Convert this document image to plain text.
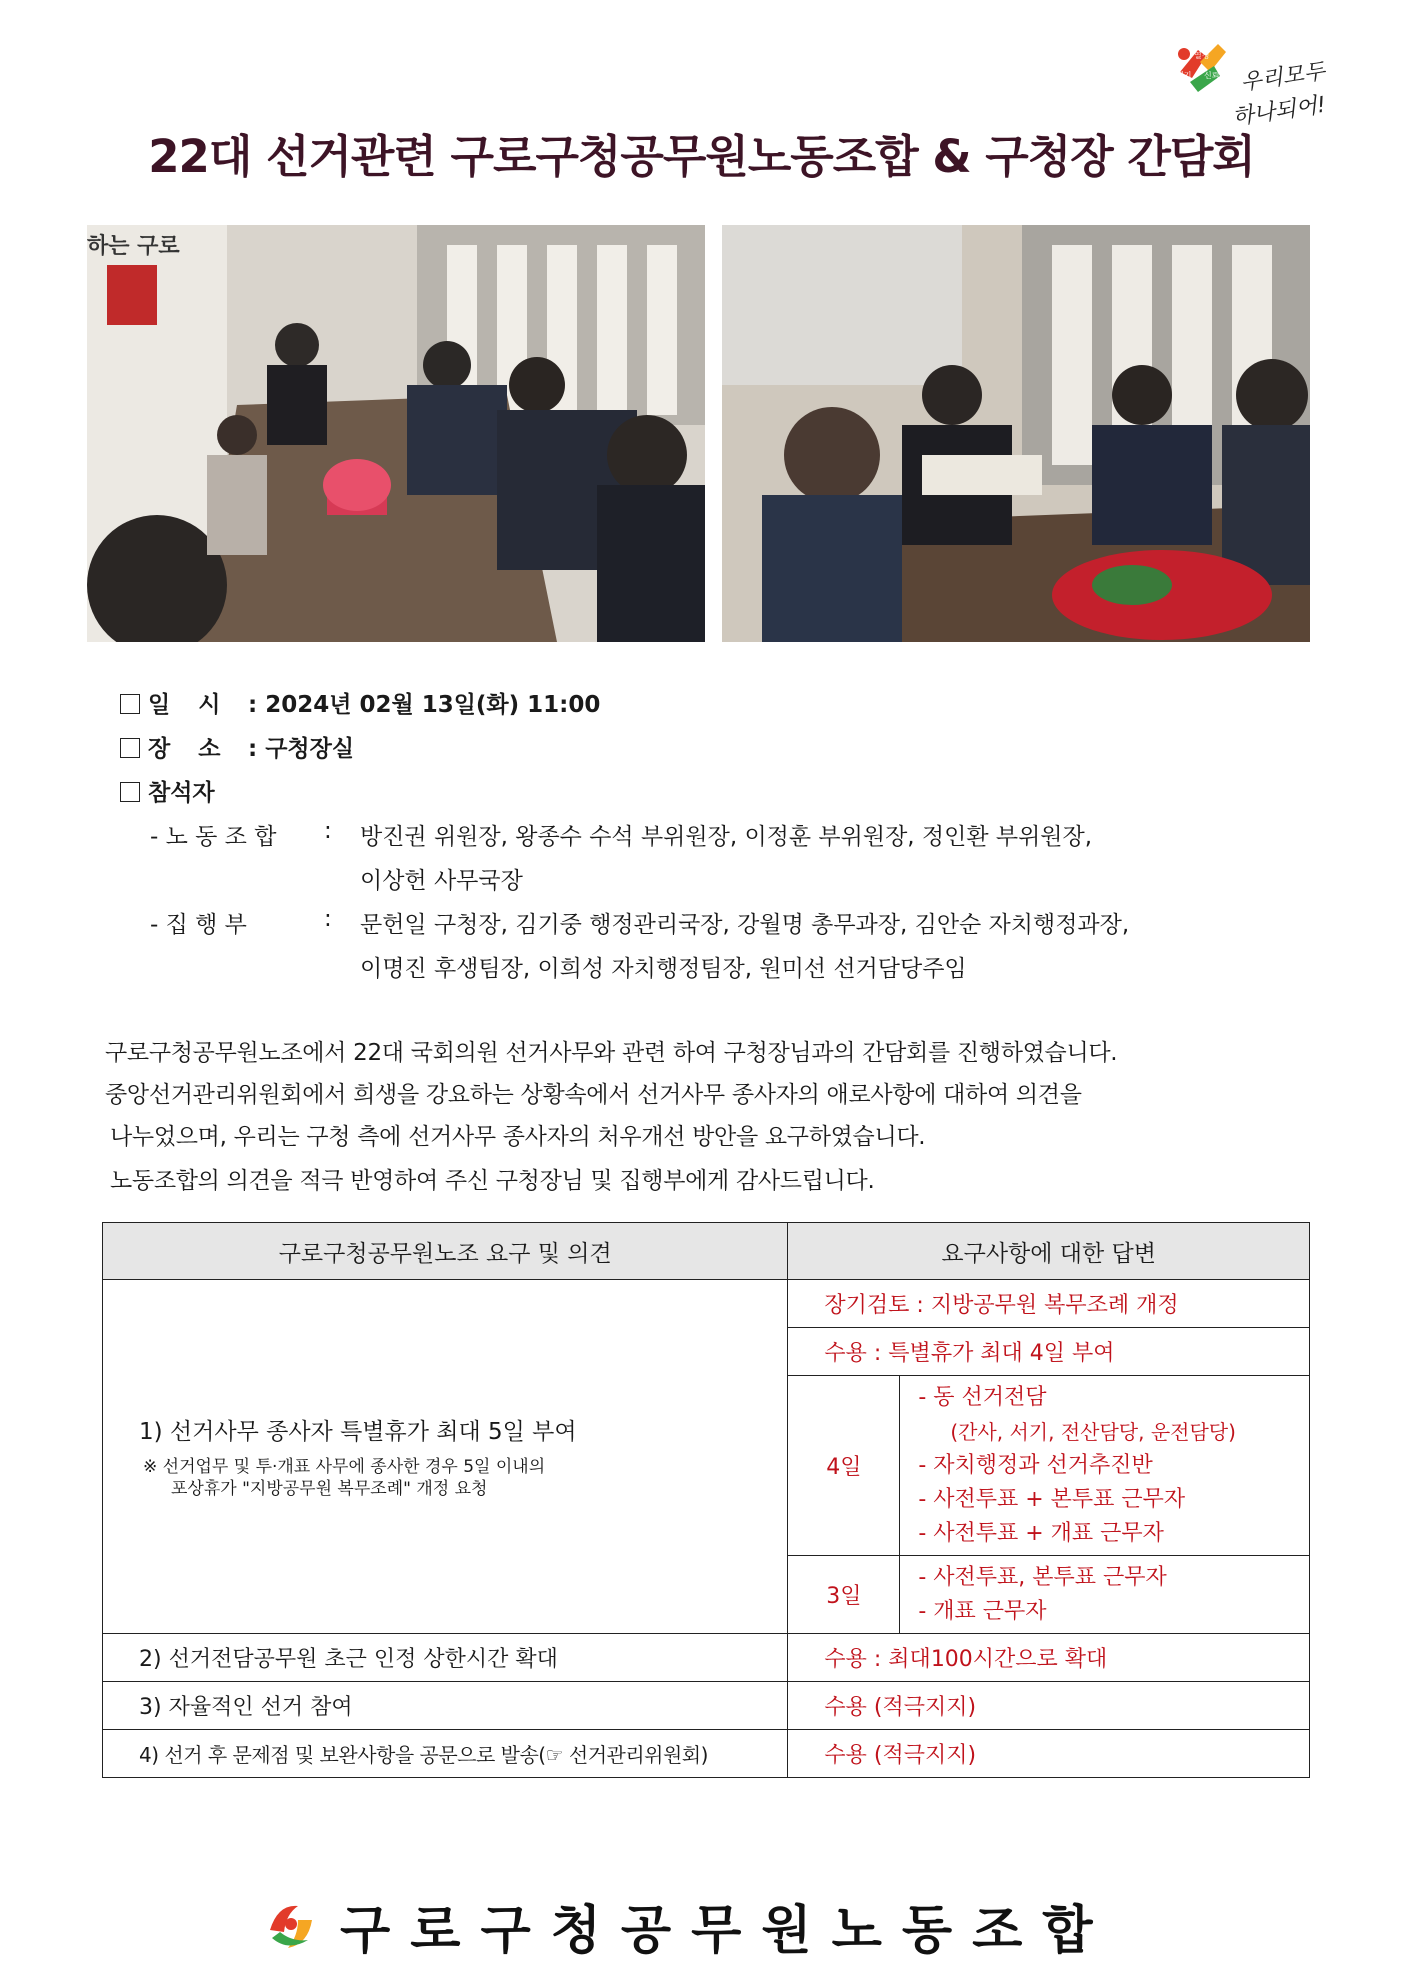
열정
패기 신뢰 우리모두
하나되어!
22대 선거관련 구로구청공무원노동조합 & 구청장 간담회
하는 구로
일 시 : 2024년 02월 13일(화) 11:00
장 소 : 구청장실
참석자
- 노 동 조 합 : 방진권 위원장, 왕종수 수석 부위원장, 이정훈 부위원장, 정인환 부위원장,
이상헌 사무국장
- 집 행 부	: 문헌일 구청장, 김기중 행정관리국장, 강월명 총무과장, 김안순 자치행정과장,
이명진 후생팀장, 이희성 자치행정팀장, 원미선 선거담당주임
구로구청공무원노조에서 22대 국회의원 선거사무와 관련 하여 구청장님과의 간담회를 진행하였습니다.
중앙선거관리위원회에서 희생을 강요하는 상황속에서 선거사무 종사자의 애로사항에 대하여 의견을
나누었으며, 우리는 구청 측에 선거사무 종사자의 처우개선 방안을 요구하였습니다.
노동조합의 의견을 적극 반영하여 주신 구청장님 및 집행부에게 감사드립니다.
구로구청공무원노조 요구 및 의견	요구사항에 대한 답변	

1) 선거사무 종사자 특별휴가 최대 5일 부여
※ 선거업무 및 투·개표 사무에 종사한 경우 5일 이내의
포상휴가 "지방공무원 복무조례" 개정 요청	장기검토 : 지방공무원 복무조례 개정	
	수용 : 특별휴가 최대 4일 부여	
	4일	- 동 선거전담
(간사, 서기, 전산담당, 운전담당)
- 자치행정과 선거추진반
- 사전투표 + 본투표 근무자
- 사전투표 + 개표 근무자

	3일	- 사전투표, 본투표 근무자
- 개표 근무자

2) 선거전담공무원 초근 인정 상한시간 확대	수용 : 최대100시간으로 확대	
3) 자율적인 선거 참여	수용 (적극지지)	
4) 선거 후 문제점 및 보완사항을 공문으로 발송(☞ 선거관리위원회)	수용 (적극지지)	
구로구청공무원노동조합
